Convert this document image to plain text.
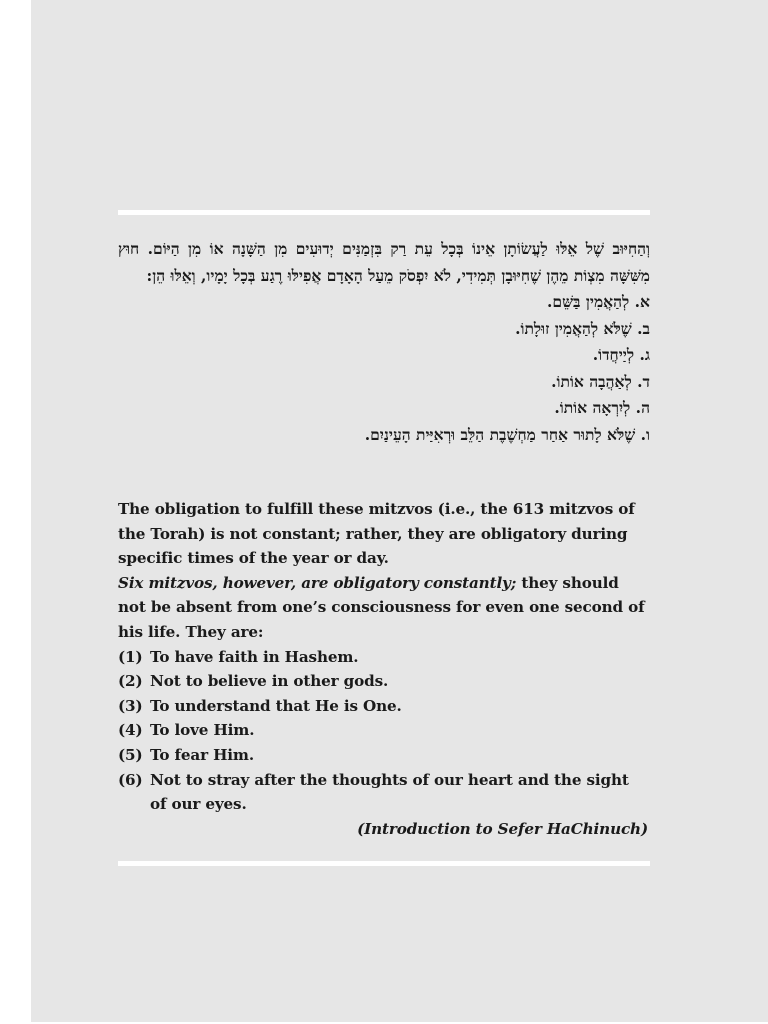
וְהַחִיּוּב שֶׁל אֵלּוּ לַעֲשׂוֹתָן אֵינוֹ בְּכָל עֵת רַק בִּזְמַנִּים יְדוּעִים מִן הַשָּׁנָה אוֹ מִן הַיּוֹם. חוּץ מִשִּׁשָּׁה מִצְוֹת מֵהֶן שֶׁחִיּוּבָן תְּמִידִי, לֹא יִפְסֹק מֵעַל הָאָדָם אֲפִילּוּ רֶגַע בְּכָל יָמָיו, וְאֵלּוּ הֵן:

א. לְהַאֲמִין בַּשֵּׁם.
ב. שֶׁלֹּא לְהַאֲמִין זוּלָתוֹ.
ג. לְיַיחֲדוֹ.
ד. לְאַהֲבָה אוֹתוֹ.
ה. לְיִרְאָה אוֹתוֹ.
ו. שֶׁלֹּא לָתוּר אַחַר מַחְשֶׁבֶת הַלֵּב וּרְאִיַּית הָעֵינַיִם.

The obligation to fulfill these mitzvos (i.e., the 613 mitzvos of the Torah) is not constant; rather, they are obligatory during specific times of the year or day.
Six mitzvos, however, are obligatory constantly; they should not be absent from one’s consciousness for even one second of his life. They are:

(1) To have faith in Hashem.
(2) Not to believe in other gods.
(3) To understand that He is One.
(4) To love Him.
(5) To fear Him.
(6) Not to stray after the thoughts of our heart and the sight of our eyes.

(Introduction to Sefer HaChinuch)
